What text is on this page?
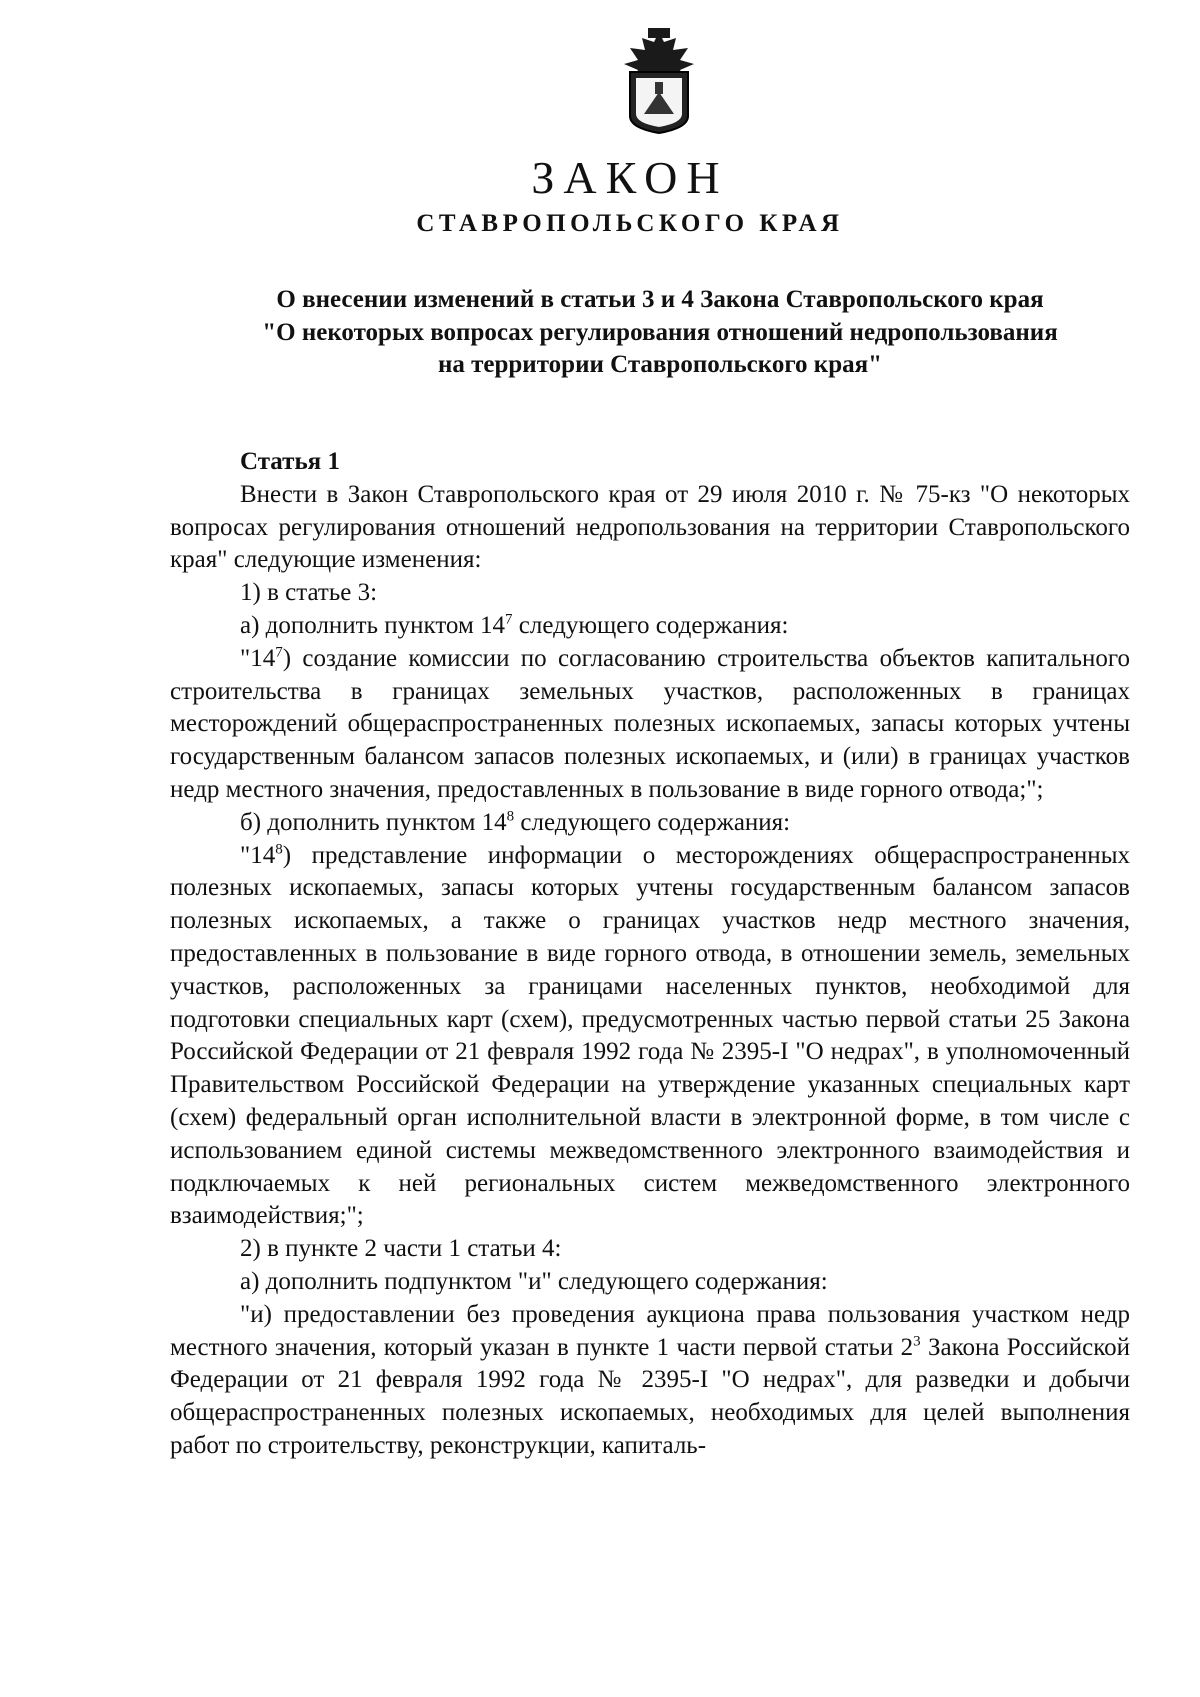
ЗАКОН
СТАВРОПОЛЬСКОГО КРАЯ
О внесении изменений в статьи 3 и 4 Закона Ставропольского края
"О некоторых вопросах регулирования отношений недропользования
на территории Ставропольского края"

Статья 1

Внести в Закон Ставропольского края от 29 июля 2010 г. № 75-кз "О некоторых вопросах регулирования отношений недропользования на территории Ставропольского края" следующие изменения:

1) в статье 3:

а) дополнить пунктом $14^7$ следующего содержания:

"$14^7$) создание комиссии по согласованию строительства объектов капитального строительства в границах земельных участков, расположенных в границах месторождений общераспространенных полезных ископаемых, запасы которых учтены государственным балансом запасов полезных ископаемых, и (или) в границах участков недр местного значения, предоставленных в пользование в виде горного отвода;";

б) дополнить пунктом $14^8$ следующего содержания:

"$14^8$) представление информации о месторождениях общераспространенных полезных ископаемых, запасы которых учтены государственным балансом запасов полезных ископаемых, а также о границах участков недр местного значения, предоставленных в пользование в виде горного отвода, в отношении земель, земельных участков, расположенных за границами населенных пунктов, необходимой для подготовки специальных карт (схем), предусмотренных частью первой статьи 25 Закона Российской Федерации от 21 февраля 1992 года № 2395-I "О недрах", в уполномоченный Правительством Российской Федерации на утверждение указанных специальных карт (схем) федеральный орган исполнительной власти в электронной форме, в том числе с использованием единой системы межведомственного электронного взаимодействия и подключаемых к ней региональных систем межведомственного электронного взаимодействия;";

2) в пункте 2 части 1 статьи 4:

а) дополнить подпунктом "и" следующего содержания:

"и) предоставлении без проведения аукциона права пользования участком недр местного значения, который указан в пункте 1 части первой статьи $2^3$ Закона Российской Федерации от 21 февраля 1992 года № 2395-I "О недрах", для разведки и добычи общераспространенных полезных ископаемых, необходимых для целей выполнения работ по строительству, реконструкции, капиталь-
